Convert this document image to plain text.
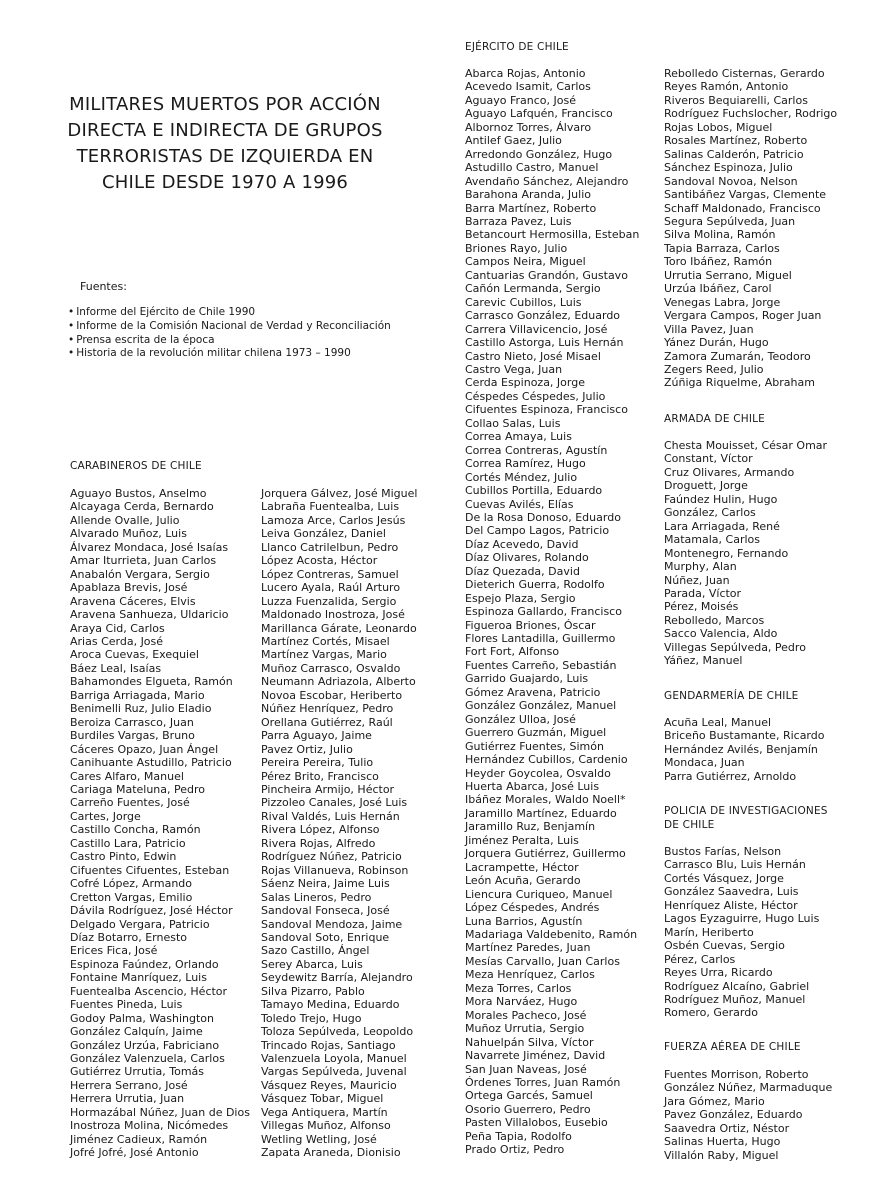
MILITARES MUERTOS POR ACCIÓN DIRECTA E INDIRECTA DE GRUPOS TERRORISTAS DE IZQUIERDA EN CHILE DESDE 1970 A 1996
Fuentes:
• Informe del Ejército de Chile 1990
• Informe de la Comisión Nacional de Verdad y Reconciliación
• Prensa escrita de la época
• Historia de la revolución militar chilena 1973 – 1990
CARABINEROS DE CHILE
Aguayo Bustos, Anselmo
Alcayaga Cerda, Bernardo
Allende Ovalle, Julio
Alvarado Muñoz, Luis
Álvarez Mondaca, José Isaías
Amar Iturrieta, Juan Carlos
Anabalón Vergara, Sergio
Apablaza Brevis, José
Aravena Cáceres, Elvis
Aravena Sanhueza, Uldaricio
Araya Cid, Carlos
Arias Cerda, José
Aroca Cuevas, Exequiel
Báez Leal, Isaías
Bahamondes Elgueta, Ramón
Barriga Arriagada, Mario
Benimelli Ruz, Julio Eladio
Beroiza Carrasco, Juan
Burdiles Vargas, Bruno
Cáceres Opazo, Juan Ángel
Canihuante Astudillo, Patricio
Cares Alfaro, Manuel
Cariaga Mateluna, Pedro
Carreño Fuentes, José
Cartes, Jorge
Castillo Concha, Ramón
Castillo Lara, Patricio
Castro Pinto, Edwin
Cifuentes Cifuentes, Esteban
Cofré López, Armando
Cretton Vargas, Emilio
Dávila Rodríguez, José Héctor
Delgado Vergara, Patricio
Díaz Botarro, Ernesto
Erices Fica, José
Espinoza Faúndez, Orlando
Fontaine Manríquez, Luis
Fuentealba Ascencio, Héctor
Fuentes Pineda, Luis
Godoy Palma, Washington
González Calquín, Jaime
González Urzúa, Fabriciano
González Valenzuela, Carlos
Gutiérrez Urrutia, Tomás
Herrera Serrano, José
Herrera Urrutia, Juan
Hormazábal Núñez, Juan de Dios
Inostroza Molina, Nicómedes
Jiménez Cadieux, Ramón
Jofré Jofré, José Antonio
Jorquera Gálvez, José Miguel
Labraña Fuentealba, Luis
Lamoza Arce, Carlos Jesús
Leiva González, Daniel
Llanco Catrilelbun, Pedro
López Acosta, Héctor
López Contreras, Samuel
Lucero Ayala, Raúl Arturo
Luzza Fuenzalida, Sergio
Maldonado Inostroza, José
Marillanca Gárate, Leonardo
Martínez Cortés, Misael
Martínez Vargas, Mario
Muñoz Carrasco, Osvaldo
Neumann Adriazola, Alberto
Novoa Escobar, Heriberto
Núñez Henríquez, Pedro
Orellana Gutiérrez, Raúl
Parra Aguayo, Jaime
Pavez Ortiz, Julio
Pereira Pereira, Tulio
Pérez Brito, Francisco
Pincheira Armijo, Héctor
Pizzoleo Canales, José Luis
Rival Valdés, Luis Hernán
Rivera López, Alfonso
Rivera Rojas, Alfredo
Rodríguez Núñez, Patricio
Rojas Villanueva, Robinson
Sáenz Neira, Jaime Luis
Salas Lineros, Pedro
Sandoval Fonseca, José
Sandoval Mendoza, Jaime
Sandoval Soto, Enrique
Sazo Castillo, Ángel
Serey Abarca, Luis
Seydewitz Barría, Alejandro
Silva Pizarro, Pablo
Tamayo Medina, Eduardo
Toledo Trejo, Hugo
Toloza Sepúlveda, Leopoldo
Trincado Rojas, Santiago
Valenzuela Loyola, Manuel
Vargas Sepúlveda, Juvenal
Vásquez Reyes, Mauricio
Vásquez Tobar, Miguel
Vega Antiquera, Martín
Villegas Muñoz, Alfonso
Wetling Wetling, José
Zapata Araneda, Dionisio
EJÉRCITO DE CHILE
Abarca Rojas, Antonio
Acevedo Isamit, Carlos
Aguayo Franco, José
Aguayo Lafquén, Francisco
Albornoz Torres, Álvaro
Antilef Gaez, Julio
Arredondo González, Hugo
Astudillo Castro, Manuel
Avendaño Sánchez, Alejandro
Barahona Aranda, Julio
Barra Martínez, Roberto
Barraza Pavez, Luis
Betancourt Hermosilla, Esteban
Briones Rayo, Julio
Campos Neira, Miguel
Cantuarias Grandón, Gustavo
Cañón Lermanda, Sergio
Carevic Cubillos, Luis
Carrasco González, Eduardo
Carrera Villavicencio, José
Castillo Astorga, Luis Hernán
Castro Nieto, José Misael
Castro Vega, Juan
Cerda Espinoza, Jorge
Céspedes Céspedes, Julio
Cifuentes Espinoza, Francisco
Collao Salas, Luis
Correa Amaya, Luis
Correa Contreras, Agustín
Correa Ramírez, Hugo
Cortés Méndez, Julio
Cubillos Portilla, Eduardo
Cuevas Avilés, Elías
De la Rosa Donoso, Eduardo
Del Campo Lagos, Patricio
Díaz Acevedo, David
Díaz Olivares, Rolando
Díaz Quezada, David
Dieterich Guerra, Rodolfo
Espejo Plaza, Sergio
Espinoza Gallardo, Francisco
Figueroa Briones, Óscar
Flores Lantadilla, Guillermo
Fort Fort, Alfonso
Fuentes Carreño, Sebastián
Garrido Guajardo, Luis
Gómez Aravena, Patricio
González González, Manuel
González Ulloa, José
Guerrero Guzmán, Miguel
Gutiérrez Fuentes, Simón
Hernández Cubillos, Cardenio
Heyder Goycolea, Osvaldo
Huerta Abarca, José Luis
Ibáñez Morales, Waldo Noell*
Jaramillo Martínez, Eduardo
Jaramillo Ruz, Benjamín
Jiménez Peralta, Luis
Jorquera Gutiérrez, Guillermo
Lacrampette, Héctor
León Acuña, Gerardo
Liencura Curiqueo, Manuel
López Céspedes, Andrés
Luna Barrios, Agustín
Madariaga Valdebenito, Ramón
Martínez Paredes, Juan
Mesías Carvallo, Juan Carlos
Meza Henríquez, Carlos
Meza Torres, Carlos
Mora Narváez, Hugo
Morales Pacheco, José
Muñoz Urrutia, Sergio
Nahuelpán Silva, Víctor
Navarrete Jiménez, David
San Juan Naveas, José
Órdenes Torres, Juan Ramón
Ortega Garcés, Samuel
Osorio Guerrero, Pedro
Pasten Villalobos, Eusebio
Peña Tapia, Rodolfo
Prado Ortiz, Pedro
Rebolledo Cisternas, Gerardo
Reyes Ramón, Antonio
Riveros Bequiarelli, Carlos
Rodríguez Fuchslocher, Rodrigo
Rojas Lobos, Miguel
Rosales Martínez, Roberto
Salinas Calderón, Patricio
Sánchez Espinoza, Julio
Sandoval Novoa, Nelson
Santibáñez Vargas, Clemente
Schaff Maldonado, Francisco
Segura Sepúlveda, Juan
Silva Molina, Ramón
Tapia Barraza, Carlos
Toro Ibáñez, Ramón
Urrutia Serrano, Miguel
Urzúa Ibáñez, Carol
Venegas Labra, Jorge
Vergara Campos, Roger Juan
Villa Pavez, Juan
Yánez Durán, Hugo
Zamora Zumarán, Teodoro
Zegers Reed, Julio
Zúñiga Riquelme, Abraham
ARMADA DE CHILE
Chesta Mouisset, César Omar
Constant, Víctor
Cruz Olivares, Armando
Droguett, Jorge
Faúndez Hulin, Hugo
González, Carlos
Lara Arriagada, René
Matamala, Carlos
Montenegro, Fernando
Murphy, Alan
Núñez, Juan
Parada, Víctor
Pérez, Moisés
Rebolledo, Marcos
Sacco Valencia, Aldo
Villegas Sepúlveda, Pedro
Yáñez, Manuel
GENDARMERÍA DE CHILE
Acuña Leal, Manuel
Briceño Bustamante, Ricardo
Hernández Avilés, Benjamín
Mondaca, Juan
Parra Gutiérrez, Arnoldo
POLICIA DE INVESTIGACIONES
DE CHILE
Bustos Farías, Nelson
Carrasco Blu, Luis Hernán
Cortés Vásquez, Jorge
González Saavedra, Luis
Henríquez Aliste, Héctor
Lagos Eyzaguirre, Hugo Luis
Marín, Heriberto
Osbén Cuevas, Sergio
Pérez, Carlos
Reyes Urra, Ricardo
Rodríguez Alcaíno, Gabriel
Rodríguez Muñoz, Manuel
Romero, Gerardo
FUERZA AÉREA DE CHILE
Fuentes Morrison, Roberto
González Núñez, Marmaduque
Jara Gómez, Mario
Pavez González, Eduardo
Saavedra Ortiz, Néstor
Salinas Huerta, Hugo
Villalón Raby, Miguel
